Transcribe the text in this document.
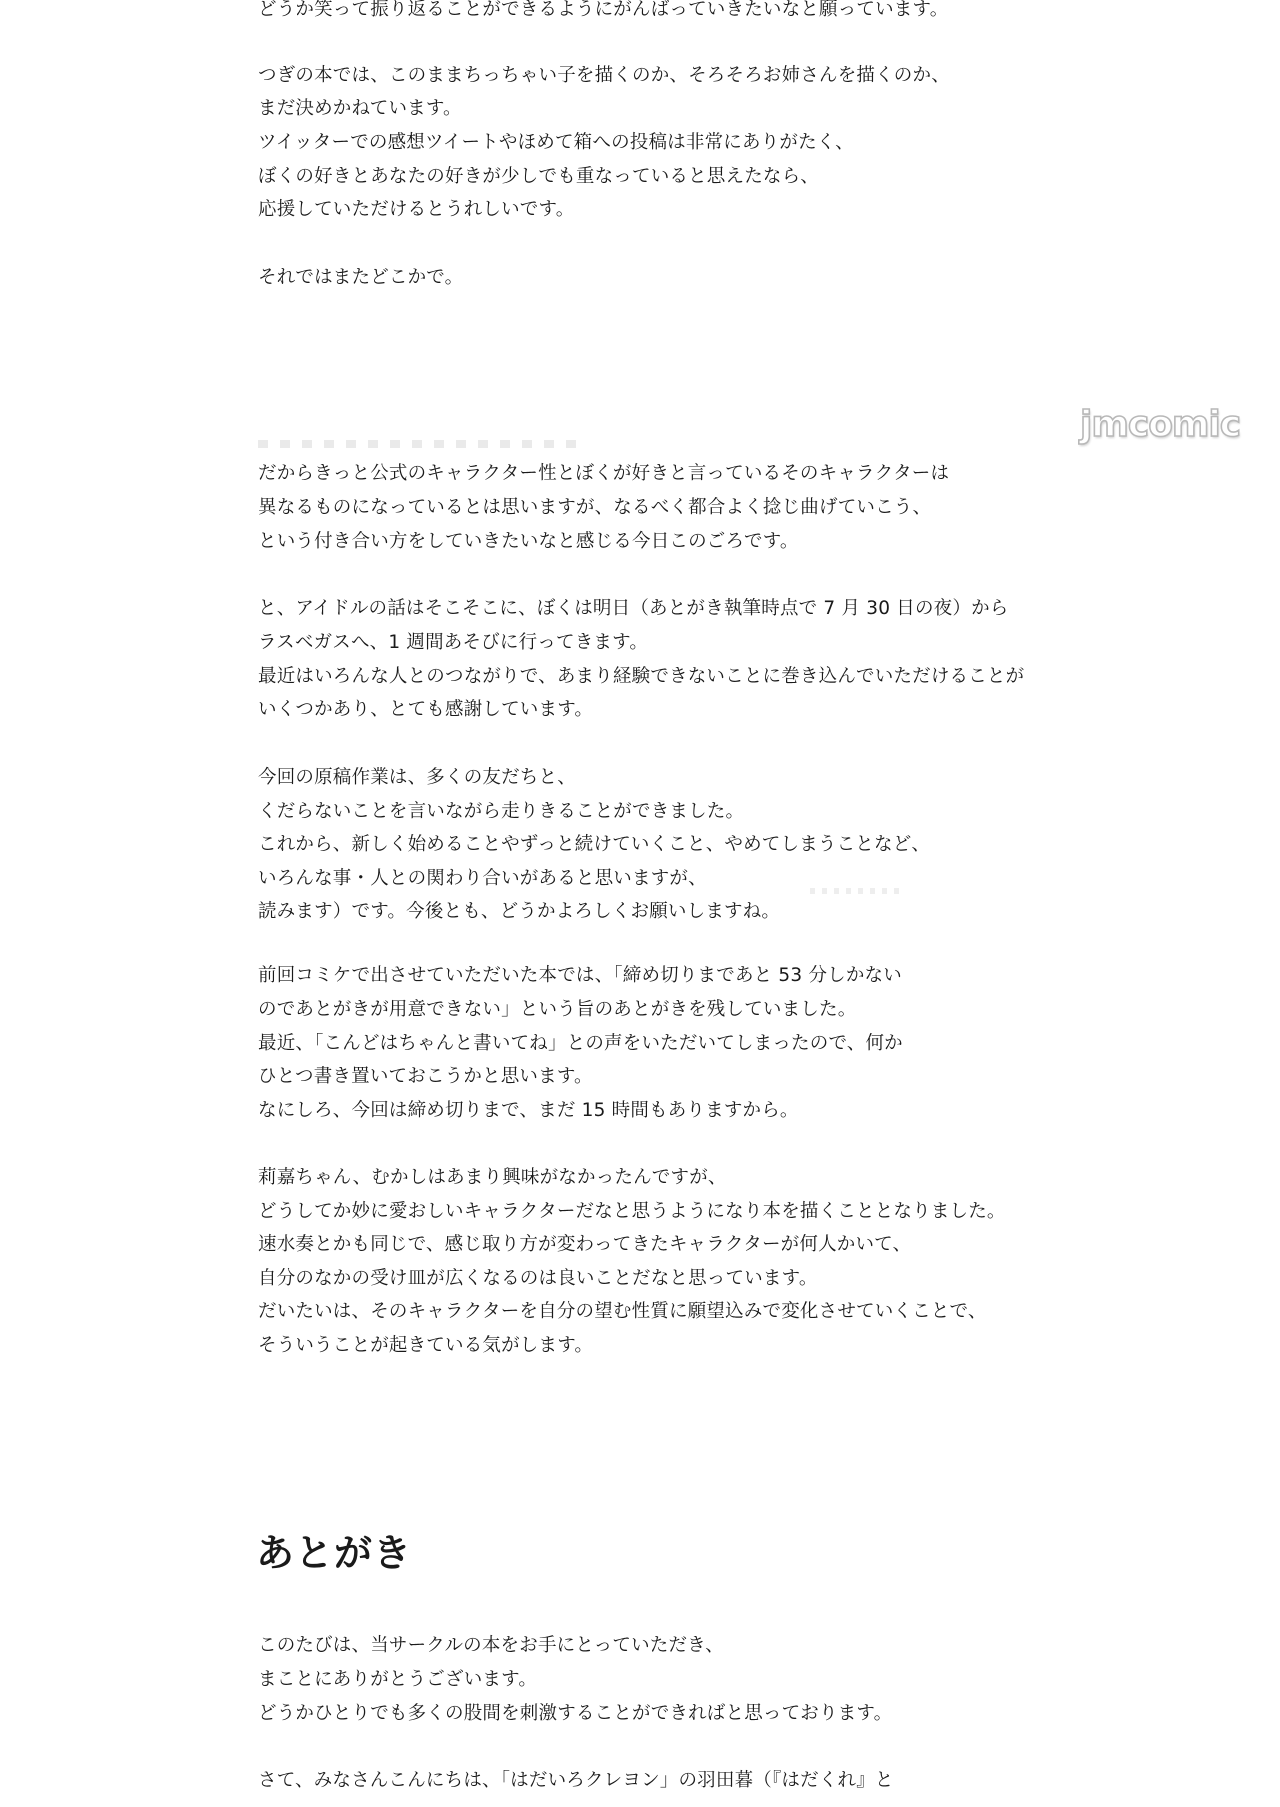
どうか笑って振り返ることができるようにがんばっていきたいなと願っています。
つぎの本では、このままちっちゃい子を描くのか、そろそろお姉さんを描くのか、
まだ決めかねています。
ツイッターでの感想ツイートやほめて箱への投稿は非常にありがたく、
ぼくの好きとあなたの好きが少しでも重なっていると思えたなら、
応援していただけるとうれしいです。
それではまたどこかで。
jmcomic
だからきっと公式のキャラクター性とぼくが好きと言っているそのキャラクターは
異なるものになっているとは思いますが、なるべく都合よく捻じ曲げていこう、
という付き合い方をしていきたいなと感じる今日このごろです。
と、アイドルの話はそこそこに、ぼくは明日（あとがき執筆時点で 7 月 30 日の夜）から
ラスベガスへ、1 週間あそびに行ってきます。
最近はいろんな人とのつながりで、あまり経験できないことに巻き込んでいただけることが
いくつかあり、とても感謝しています。
今回の原稿作業は、多くの友だちと、
くだらないことを言いながら走りきることができました。
これから、新しく始めることやずっと続けていくこと、やめてしまうことなど、
いろんな事・人との関わり合いがあると思いますが、
読みます）です。今後とも、どうかよろしくお願いしますね。
前回コミケで出させていただいた本では、「締め切りまであと 53 分しかない
のであとがきが用意できない」という旨のあとがきを残していました。
最近、「こんどはちゃんと書いてね」との声をいただいてしまったので、何か
ひとつ書き置いておこうかと思います。
なにしろ、今回は締め切りまで、まだ 15 時間もありますから。
莉嘉ちゃん、むかしはあまり興味がなかったんですが、
どうしてか妙に愛おしいキャラクターだなと思うようになり本を描くこととなりました。
速水奏とかも同じで、感じ取り方が変わってきたキャラクターが何人かいて、
自分のなかの受け皿が広くなるのは良いことだなと思っています。
だいたいは、そのキャラクターを自分の望む性質に願望込みで変化させていくことで、
そういうことが起きている気がします。
あとがき
このたびは、当サークルの本をお手にとっていただき、
まことにありがとうございます。
どうかひとりでも多くの股間を刺激することができればと思っております。
さて、みなさんこんにちは、「はだいろクレヨン」の羽田暮（『はだくれ』と
